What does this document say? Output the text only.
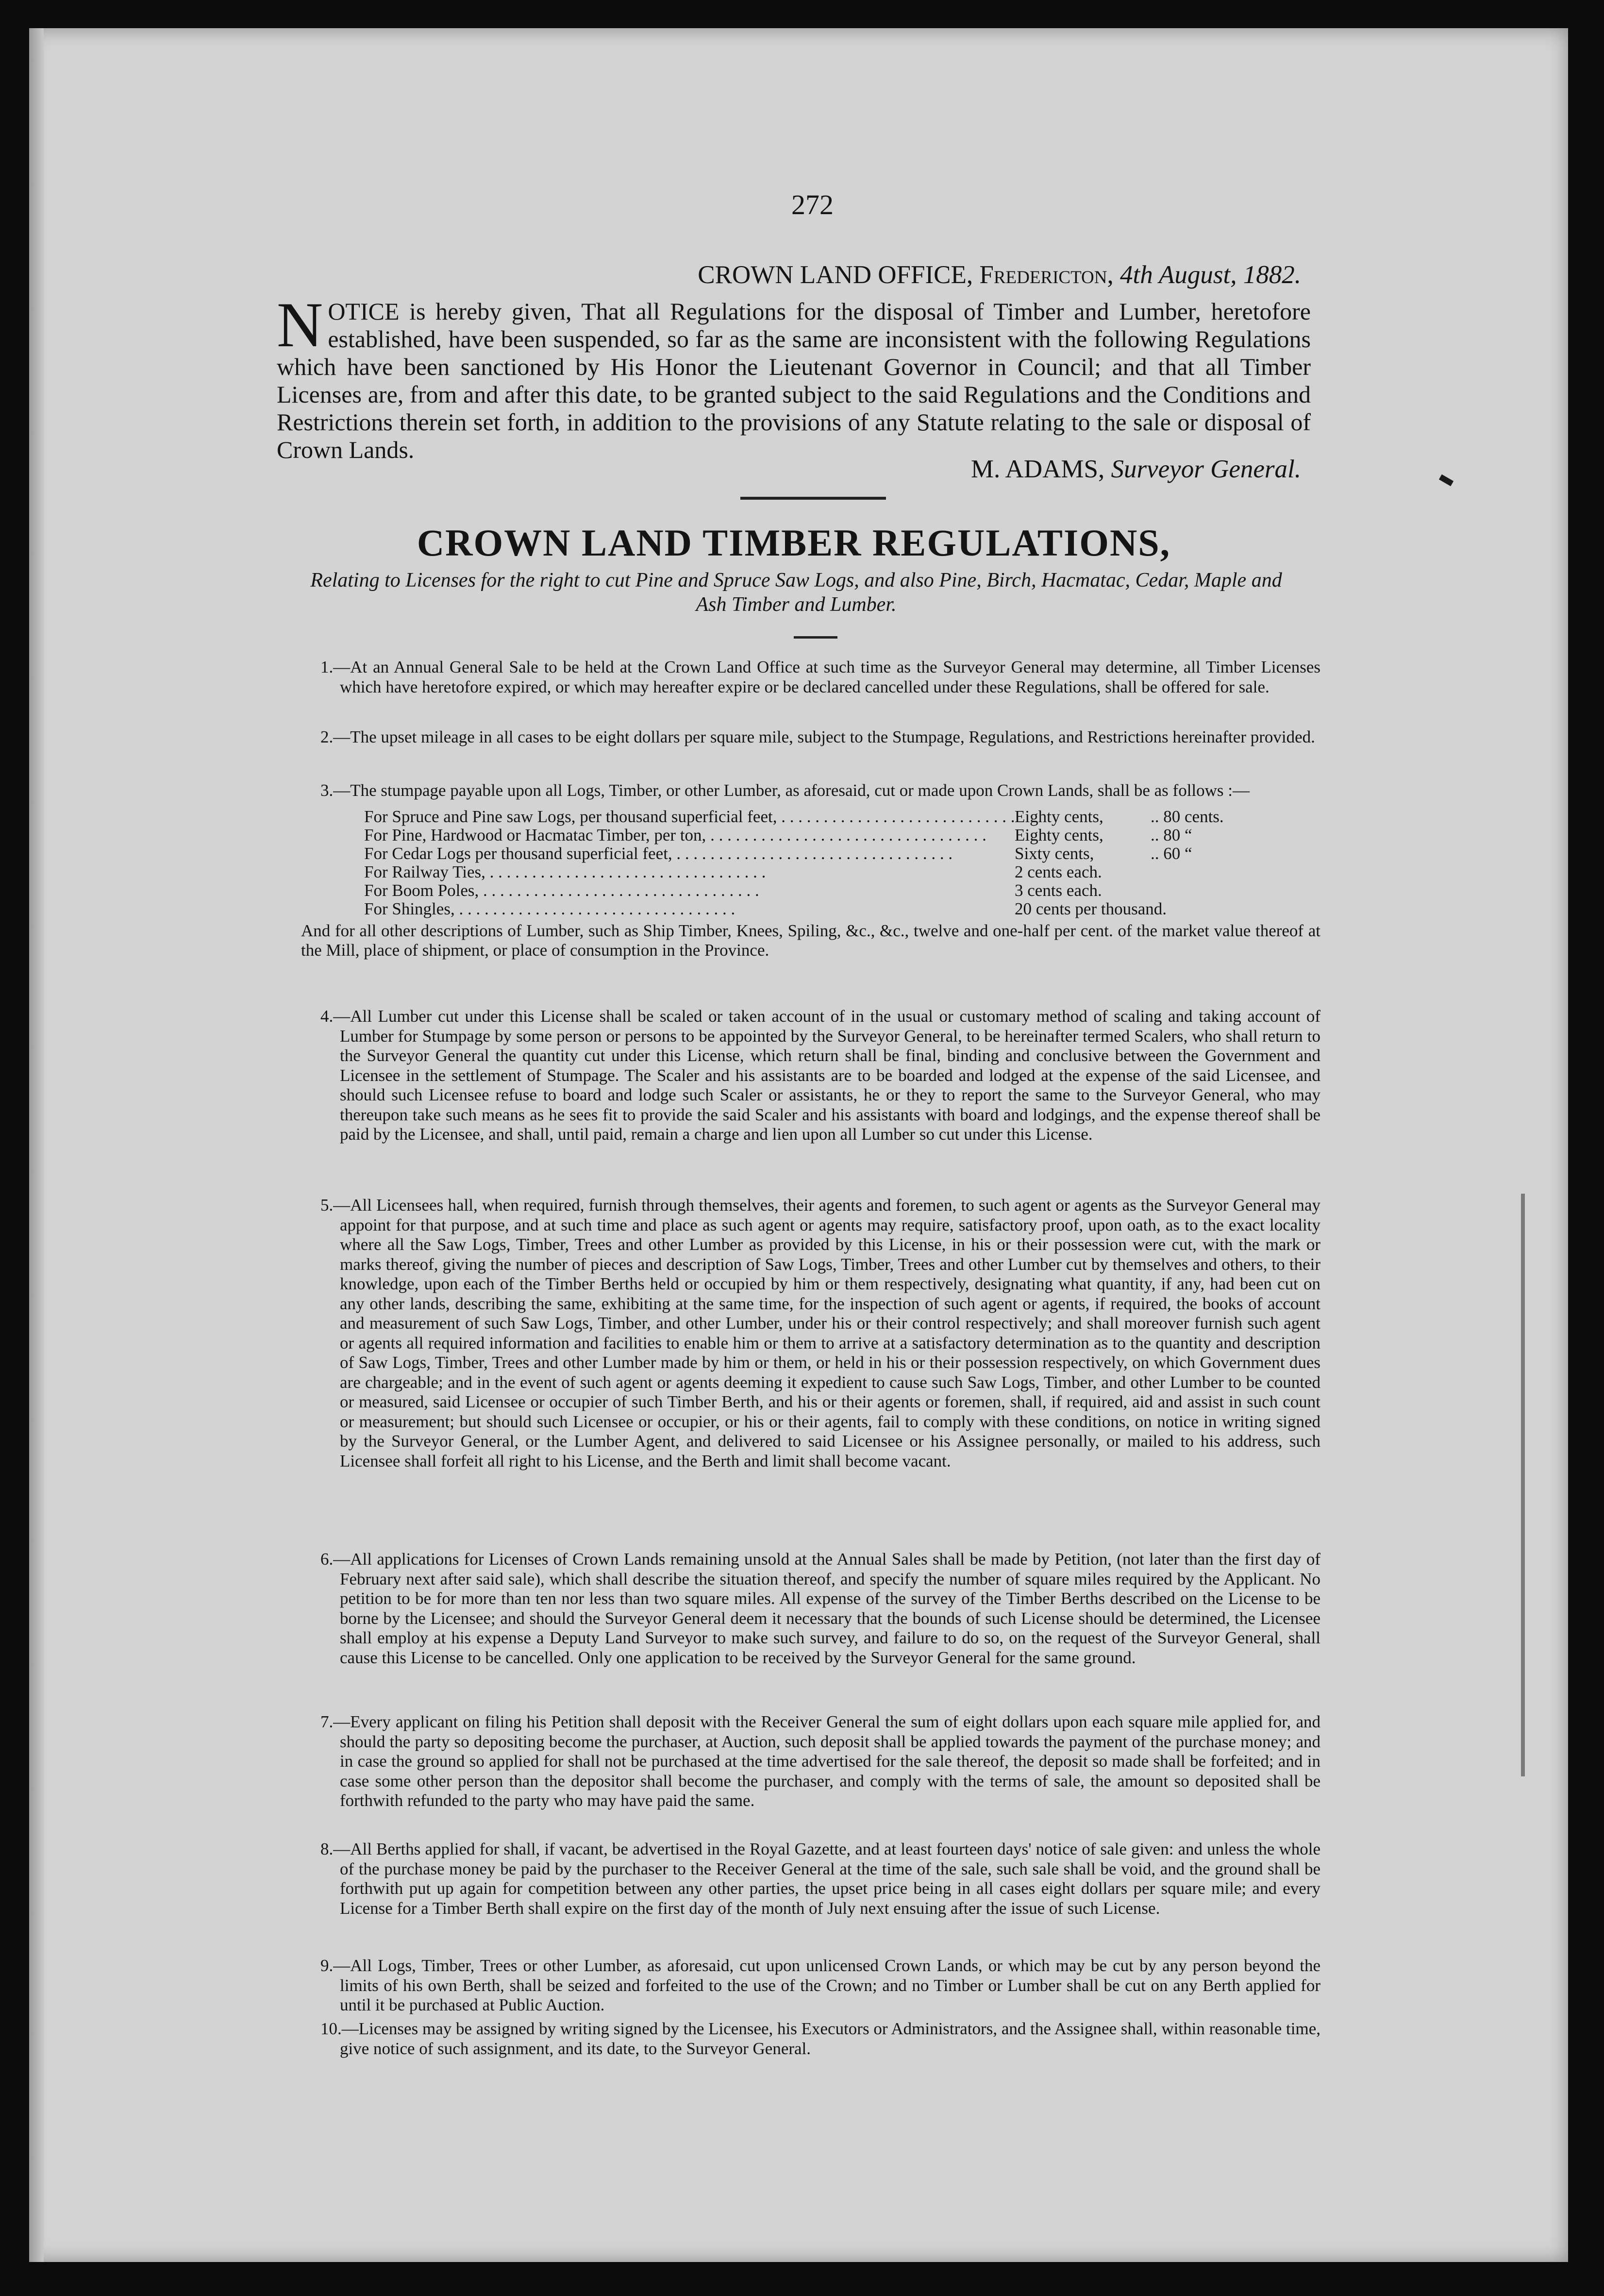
272
CROWN LAND OFFICE, Fredericton, 4th August, 1882.
NOTICE is hereby given, That all Regulations for the disposal of Timber and Lumber, heretofore established, have been suspended, so far as the same are inconsistent with the following Regulations which have been sanctioned by His Honor the Lieutenant Governor in Council; and that all Timber Licenses are, from and after this date, to be granted subject to the said Regulations and the Conditions and Restrictions therein set forth, in addition to the provisions of any Statute relating to the sale or disposal of Crown Lands.
M. ADAMS, Surveyor General.
CROWN LAND TIMBER REGULATIONS,
Relating to Licenses for the right to cut Pine and Spruce Saw Logs, and also Pine, Birch, Hacmatac, Cedar, Maple and Ash Timber and Lumber.
1.—At an Annual General Sale to be held at the Crown Land Office at such time as the Surveyor General may determine, all Timber Licenses which have heretofore expired, or which may hereafter expire or be declared cancelled under these Regulations, shall be offered for sale.
2.—The upset mileage in all cases to be eight dollars per square mile, subject to the Stumpage, Regulations, and Restrictions hereinafter provided.
3.—The stumpage payable upon all Logs, Timber, or other Lumber, as aforesaid, cut or made upon Crown Lands, shall be as follows :—
For Spruce and Pine saw Logs, per thousand superficial feet, . .	Eighty cents,	.. 80 cents.
For Pine, Hardwood or Hacmatac Timber, per ton, . .	Eighty cents,	.. 80 “
For Cedar Logs per thousand superficial feet, . .	Sixty cents,	.. 60 “
For Railway Ties, . .	2 cents each.
For Boom Poles, . .	3 cents each.
For Shingles, . .	20 cents per thousand.
And for all other descriptions of Lumber, such as Ship Timber, Knees, Spiling, &c., &c., twelve and one-half per cent. of the market value thereof at the Mill, place of shipment, or place of consumption in the Province.
4.—All Lumber cut under this License shall be scaled or taken account of in the usual or customary method of scaling and taking account of Lumber for Stumpage by some person or persons to be appointed by the Surveyor General, to be hereinafter termed Scalers, who shall return to the Surveyor General the quantity cut under this License, which return shall be final, binding and conclusive between the Government and Licensee in the settlement of Stumpage. The Scaler and his assistants are to be boarded and lodged at the expense of the said Licensee, and should such Licensee refuse to board and lodge such Scaler or assistants, he or they to report the same to the Surveyor General, who may thereupon take such means as he sees fit to provide the said Scaler and his assistants with board and lodgings, and the expense thereof shall be paid by the Licensee, and shall, until paid, remain a charge and lien upon all Lumber so cut under this License.
5.—All Licensees hall, when required, furnish through themselves, their agents and foremen, to such agent or agents as the Surveyor General may appoint for that purpose, and at such time and place as such agent or agents may require, satisfactory proof, upon oath, as to the exact locality where all the Saw Logs, Timber, Trees and other Lumber as provided by this License, in his or their possession were cut, with the mark or marks thereof, giving the number of pieces and description of Saw Logs, Timber, Trees and other Lumber cut by themselves and others, to their knowledge, upon each of the Timber Berths held or occupied by him or them respectively, designating what quantity, if any, had been cut on any other lands, describing the same, exhibiting at the same time, for the inspection of such agent or agents, if required, the books of account and measurement of such Saw Logs, Timber, and other Lumber, under his or their control respectively; and shall moreover furnish such agent or agents all required information and facilities to enable him or them to arrive at a satisfactory determination as to the quantity and description of Saw Logs, Timber, Trees and other Lumber made by him or them, or held in his or their possession respectively, on which Government dues are chargeable; and in the event of such agent or agents deeming it expedient to cause such Saw Logs, Timber, and other Lumber to be counted or measured, said Licensee or occupier of such Timber Berth, and his or their agents or foremen, shall, if required, aid and assist in such count or measurement; but should such Licensee or occupier, or his or their agents, fail to comply with these conditions, on notice in writing signed by the Surveyor General, or the Lumber Agent, and delivered to said Licensee or his Assignee personally, or mailed to his address, such Licensee shall forfeit all right to his License, and the Berth and limit shall become vacant.
6.—All applications for Licenses of Crown Lands remaining unsold at the Annual Sales shall be made by Petition, (not later than the first day of February next after said sale), which shall describe the situation thereof, and specify the number of square miles required by the Applicant. No petition to be for more than ten nor less than two square miles. All expense of the survey of the Timber Berths described on the License to be borne by the Licensee; and should the Surveyor General deem it necessary that the bounds of such License should be determined, the Licensee shall employ at his expense a Deputy Land Surveyor to make such survey, and failure to do so, on the request of the Surveyor General, shall cause this License to be cancelled. Only one application to be received by the Surveyor General for the same ground.
7.—Every applicant on filing his Petition shall deposit with the Receiver General the sum of eight dollars upon each square mile applied for, and should the party so depositing become the purchaser, at Auction, such deposit shall be applied towards the payment of the purchase money; and in case the ground so applied for shall not be purchased at the time advertised for the sale thereof, the deposit so made shall be forfeited; and in case some other person than the depositor shall become the purchaser, and comply with the terms of sale, the amount so deposited shall be forthwith refunded to the party who may have paid the same.
8.—All Berths applied for shall, if vacant, be advertised in the Royal Gazette, and at least fourteen days' notice of sale given: and unless the whole of the purchase money be paid by the purchaser to the Receiver General at the time of the sale, such sale shall be void, and the ground shall be forthwith put up again for competition between any other parties, the upset price being in all cases eight dollars per square mile; and every License for a Timber Berth shall expire on the first day of the month of July next ensuing after the issue of such License.
9.—All Logs, Timber, Trees or other Lumber, as aforesaid, cut upon unlicensed Crown Lands, or which may be cut by any person beyond the limits of his own Berth, shall be seized and forfeited to the use of the Crown; and no Timber or Lumber shall be cut on any Berth applied for until it be purchased at Public Auction.
10.—Licenses may be assigned by writing signed by the Licensee, his Executors or Administrators, and the Assignee shall, within reasonable time, give notice of such assignment, and its date, to the Surveyor General.
